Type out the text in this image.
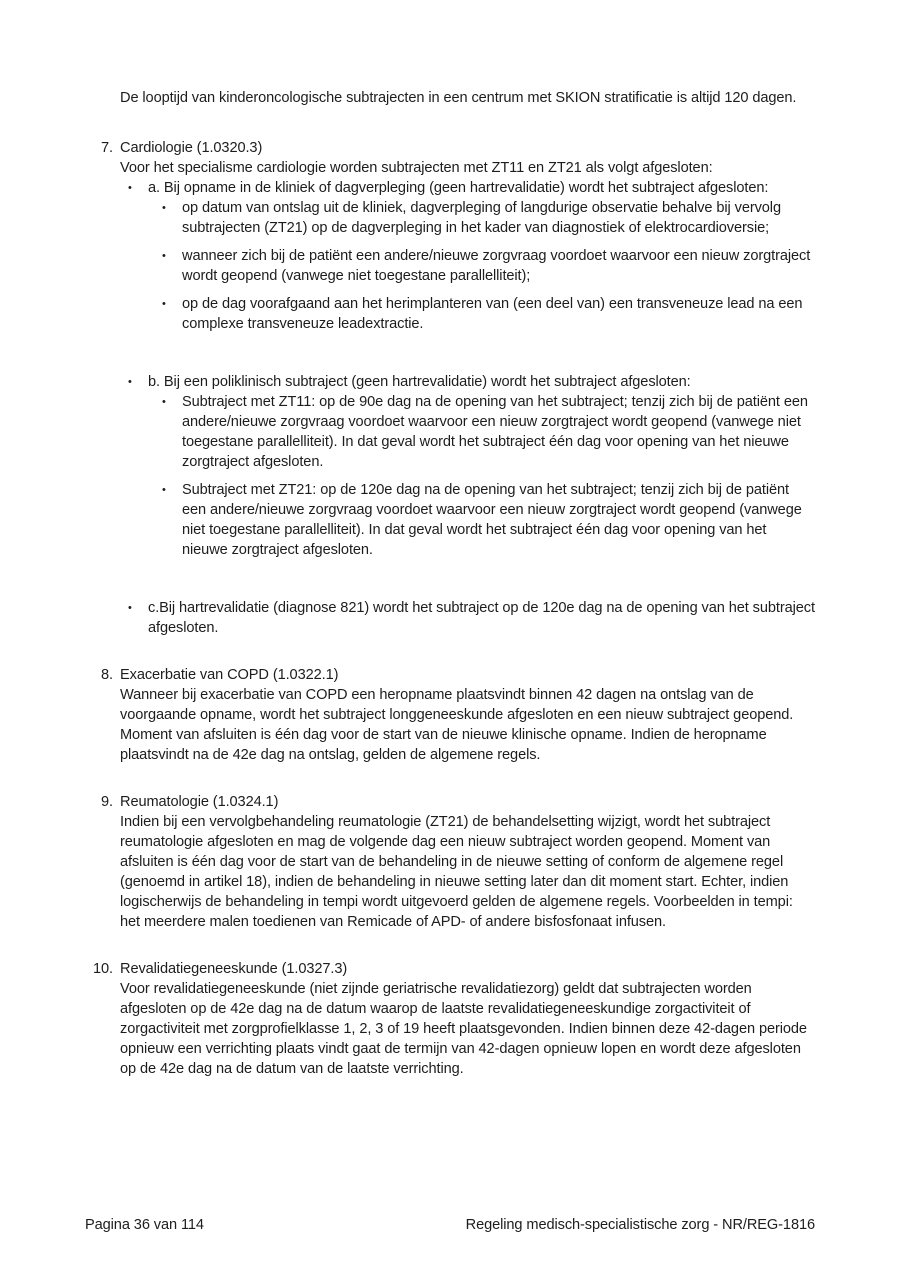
De looptijd van kinderoncologische subtrajecten in een centrum met SKION stratificatie is altijd 120 dagen.

7. Cardiologie (1.0320.3)
Voor het specialisme cardiologie worden subtrajecten met ZT11 en ZT21 als volgt afgesloten:
•	a. Bij opname in de kliniek of dagverpleging (geen hartrevalidatie) wordt het subtraject afgesloten:
•	op datum van ontslag uit de kliniek, dagverpleging of langdurige observatie behalve bij vervolg subtrajecten (ZT21) op de dagverpleging in het kader van diagnostiek of elektrocardioversie;
•	wanneer zich bij de patiënt een andere/nieuwe zorgvraag voordoet waarvoor een nieuw zorgtraject wordt geopend (vanwege niet toegestane parallelliteit);
•	op de dag voorafgaand aan het herimplanteren van (een deel van) een transveneuze lead na een complexe transveneuze leadextractie.
•	b. Bij een poliklinisch subtraject (geen hartrevalidatie) wordt het subtraject afgesloten:
•	Subtraject met ZT11: op de 90e dag na de opening van het subtraject; tenzij zich bij de patiënt een andere/nieuwe zorgvraag voordoet waarvoor een nieuw zorgtraject wordt geopend (vanwege niet toegestane parallelliteit). In dat geval wordt het subtraject één dag voor opening van het nieuwe zorgtraject afgesloten.
•	Subtraject met ZT21: op de 120e dag na de opening van het subtraject; tenzij zich bij de patiënt een andere/nieuwe zorgvraag voordoet waarvoor een nieuw zorgtraject wordt geopend (vanwege niet toegestane parallelliteit). In dat geval wordt het subtraject één dag voor opening van het nieuwe zorgtraject afgesloten.
•	c.Bij hartrevalidatie (diagnose 821) wordt het subtraject op de 120e dag na de opening van het subtraject afgesloten.
8. Exacerbatie van COPD (1.0322.1)
Wanneer bij exacerbatie van COPD een heropname plaatsvindt binnen 42 dagen na ontslag van de voorgaande opname, wordt het subtraject longgeneeskunde afgesloten en een nieuw subtraject geopend. Moment van afsluiten is één dag voor de start van de nieuwe klinische opname. Indien de heropname plaatsvindt na de 42e dag na ontslag, gelden de algemene regels.
9. Reumatologie (1.0324.1)
Indien bij een vervolgbehandeling reumatologie (ZT21) de behandelsetting wijzigt, wordt het subtraject reumatologie afgesloten en mag de volgende dag een nieuw subtraject worden geopend. Moment van afsluiten is één dag voor de start van de behandeling in de nieuwe setting of conform de algemene regel (genoemd in artikel 18), indien de behandeling in nieuwe setting later dan dit moment start. Echter, indien logischerwijs de behandeling in tempi wordt uitgevoerd gelden de algemene regels. Voorbeelden in tempi: het meerdere malen toedienen van Remicade of APD- of andere bisfosfonaat infusen.
10. Revalidatiegeneeskunde (1.0327.3)
Voor revalidatiegeneeskunde (niet zijnde geriatrische revalidatiezorg) geldt dat subtrajecten worden afgesloten op de 42e dag na de datum waarop de laatste revalidatiegeneeskundige zorgactiviteit of zorgactiviteit met zorgprofielklasse 1, 2, 3 of 19 heeft plaatsgevonden. Indien binnen deze 42-dagen periode opnieuw een verrichting plaats vindt gaat de termijn van 42-dagen opnieuw lopen en wordt deze afgesloten op de 42e dag na de datum van de laatste verrichting.
Pagina 36 van 114	Regeling medisch-specialistische zorg - NR/REG-1816
